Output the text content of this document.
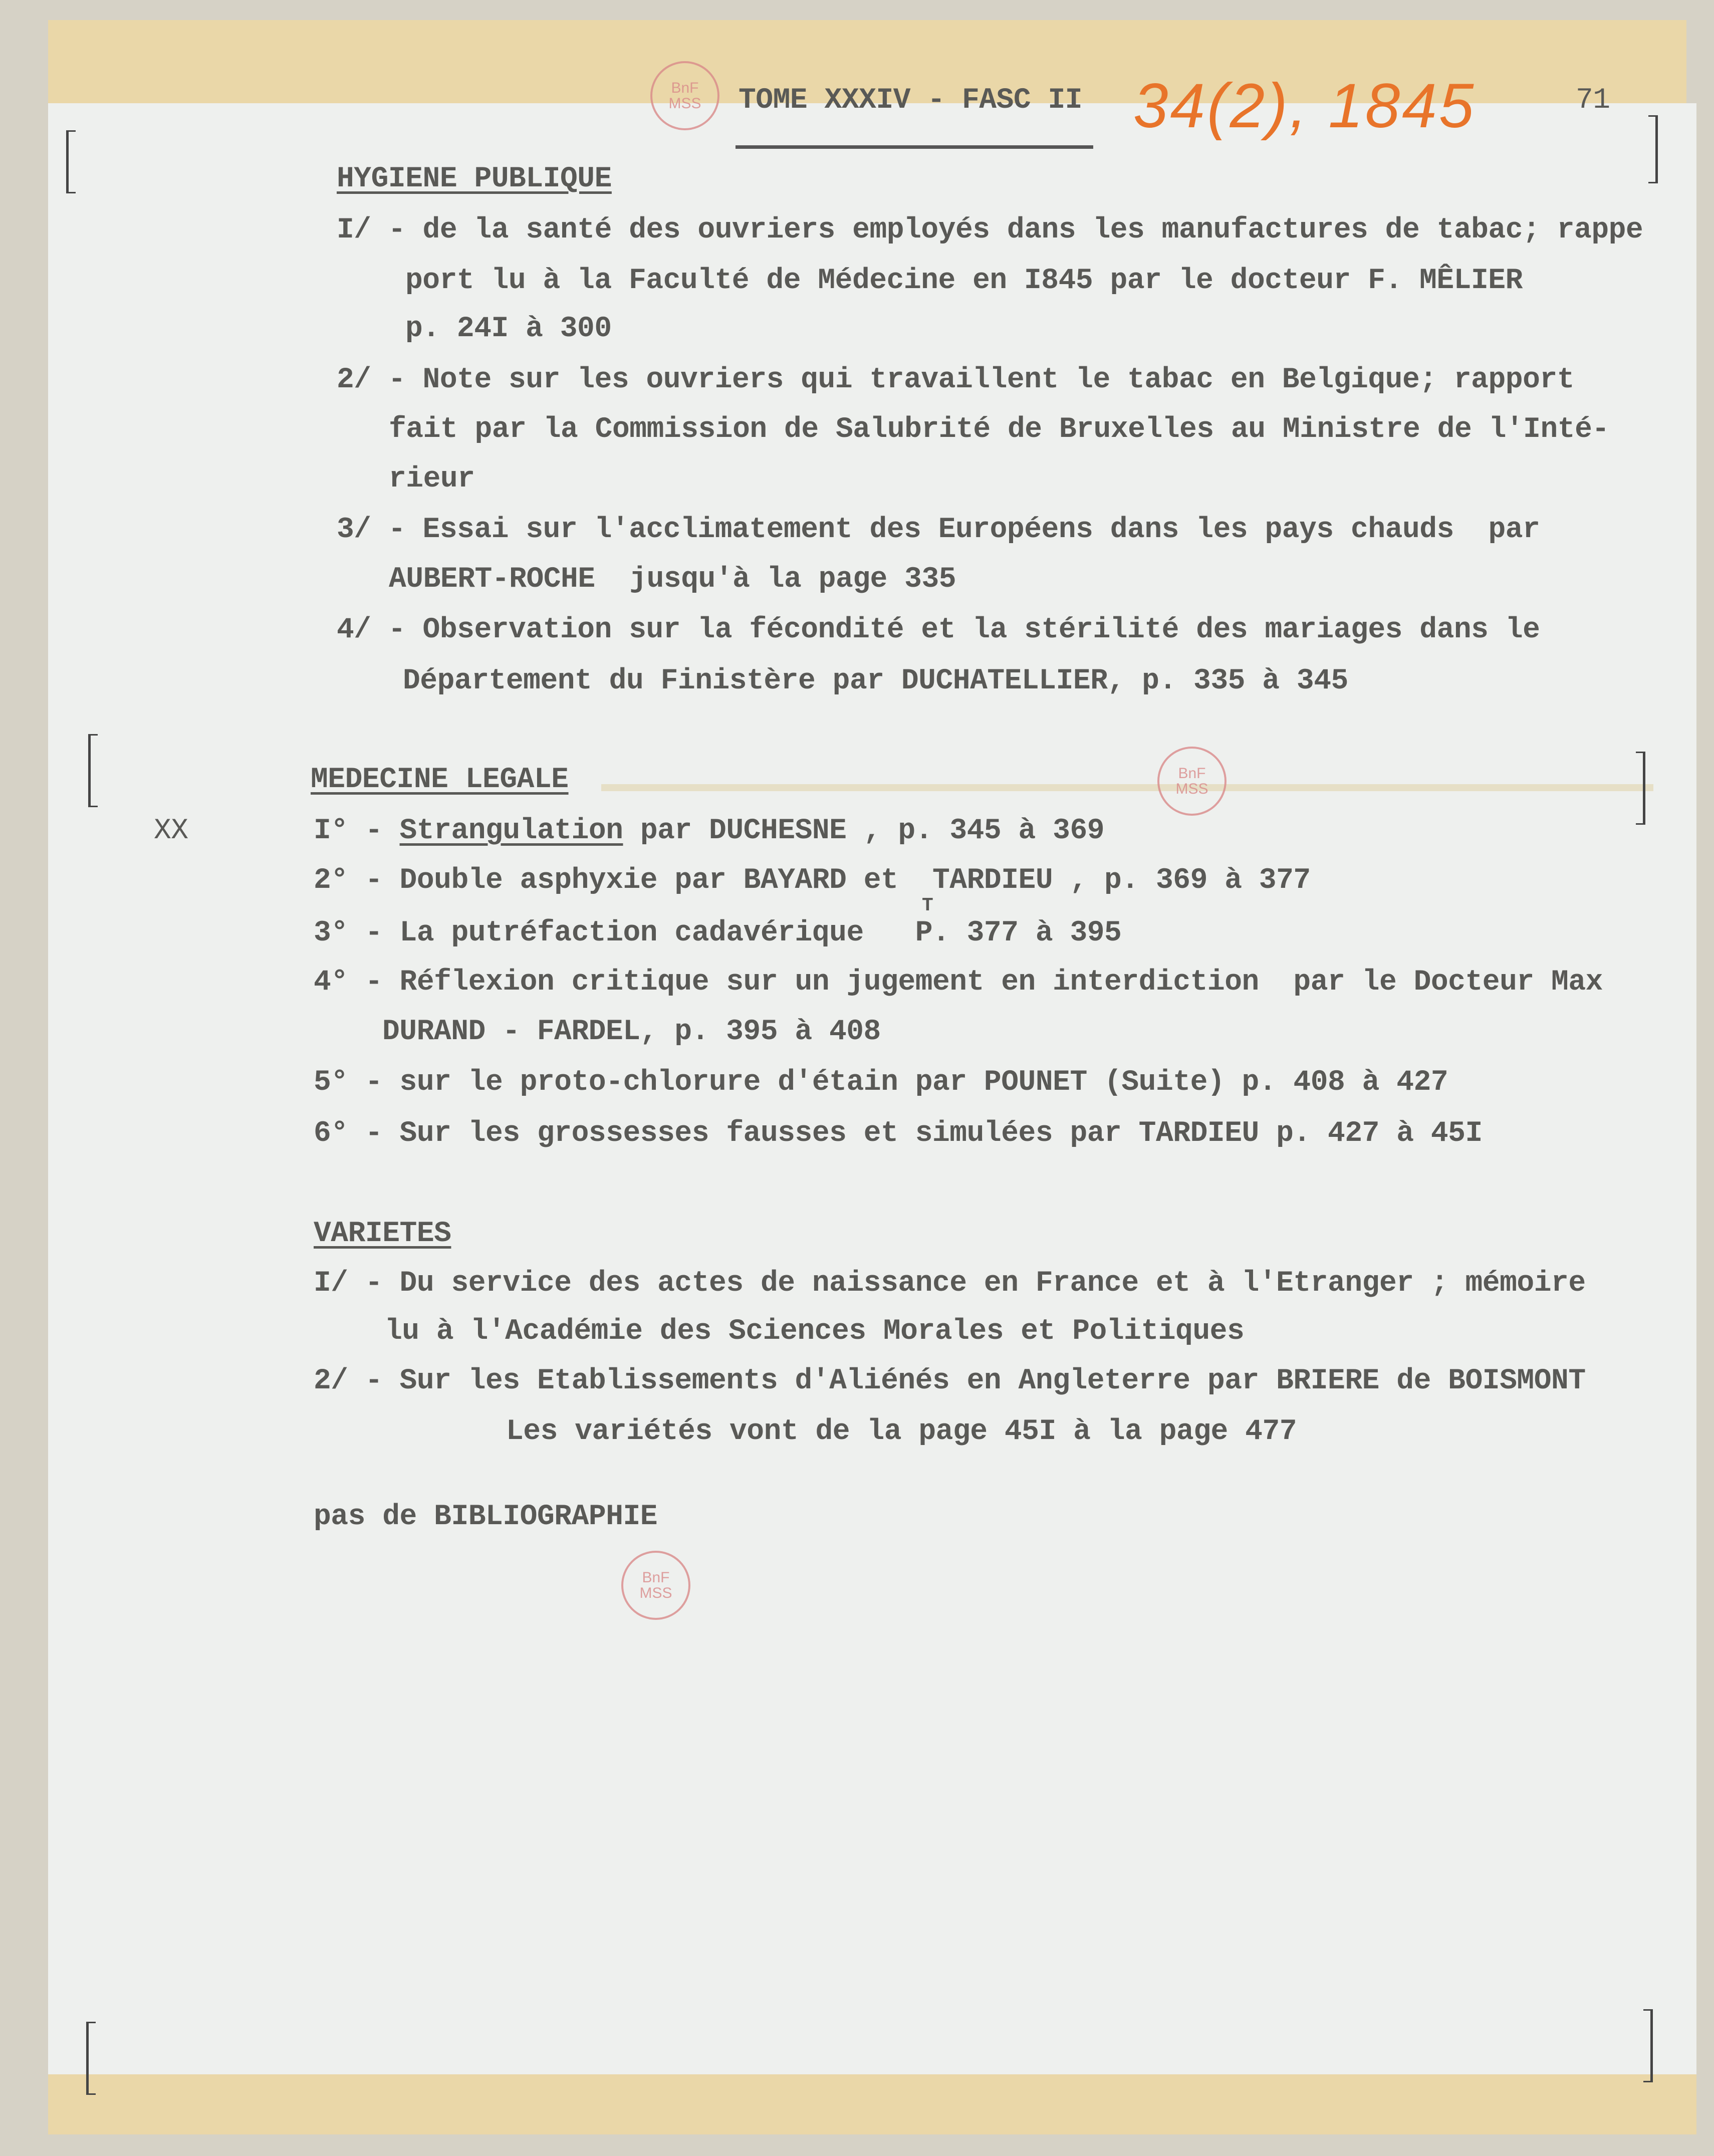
BnF
MSS
BnF
MSS
BnF
MSS
TOME XXXIV - FASC II 34(2), 1845	71
HYGIENE PUBLIQUE
I/ - de la santé des ouvriers employés dans les manufactures de tabac; rappe
port lu à la Faculté de Médecine en I845 par le docteur F. MÊLIER
p. 24I à 300
2/ - Note sur les ouvriers qui travaillent le tabac en Belgique; rapport
fait par la Commission de Salubrité de Bruxelles au Ministre de l'Inté-
rieur
3/ - Essai sur l'acclimatement des Européens dans les pays chauds  par
AUBERT-ROCHE  jusqu'à la page 335
4/ - Observation sur la fécondité et la stérilité des mariages dans le
Département du Finistère par DUCHATELLIER, p. 335 à 345
MEDECINE LEGALE
XX	I° - Strangulation par DUCHESNE , p. 345 à 369
2° - Double asphyxie par BAYARD et  TARDIEU , p. 369 à 377
T
3° - La putréfaction cadavérique   P. 377 à 395
4° - Réflexion critique sur un jugement en interdiction  par le Docteur Max
DURAND - FARDEL, p. 395 à 408
5° - sur le proto-chlorure d'étain par POUNET (Suite) p. 408 à 427
6° - Sur les grossesses fausses et simulées par TARDIEU p. 427 à 45I
VARIETES
I/ - Du service des actes de naissance en France et à l'Etranger ; mémoire
lu à l'Académie des Sciences Morales et Politiques
2/ - Sur les Etablissements d'Aliénés en Angleterre par BRIERE de BOISMONT
Les variétés vont de la page 45I à la page 477
pas de BIBLIOGRAPHIE
